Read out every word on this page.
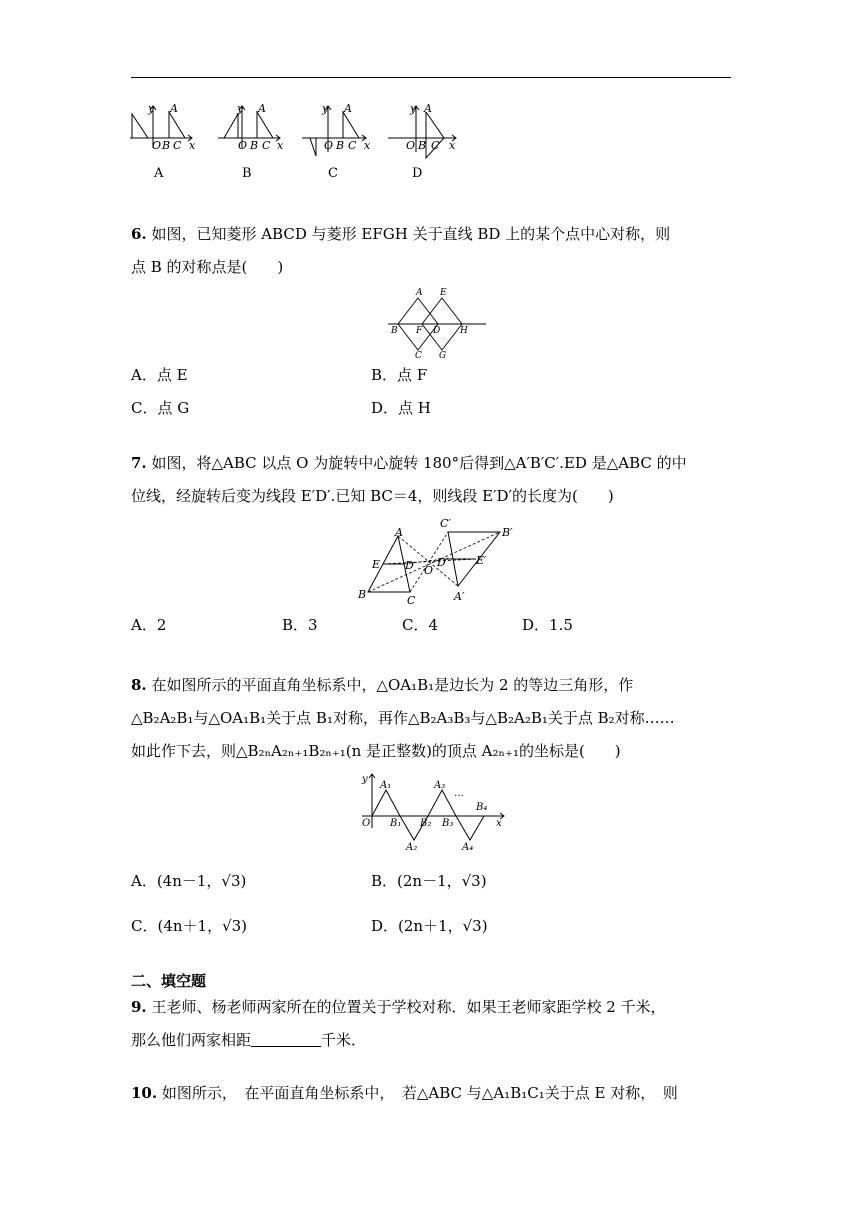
y A
O B C x
y A
O B C x
y A
O B C x
y A
O B C x
A	B	C	D
6. 如图，已知菱形 ABCD 与菱形 EFGH 关于直线 BD 上的某个点中心对称，则
点 B 的对称点是(　　)
A E
B F D H
C G
A．点 E	B．点 F
C．点 G	D．点 H
7. 如图，将△ABC 以点 O 为旋转中心旋转 180°后得到△A′B′C′.ED 是△ABC 的中
位线，经旋转后变为线段 E′D′.已知 BC＝4，则线段 E′D′的长度为(　　)
C′
B′
A
E′
E D D′
O
A′
B	C
A．2	B．3	C．4	D．1.5
8. 在如图所示的平面直角坐标系中，△OA₁B₁是边长为 2 的等边三角形，作
△B₂A₂B₁与△OA₁B₁关于点 B₁对称，再作△B₂A₃B₃与△B₂A₂B₁关于点 B₂对称……
如此作下去，则△B₂ₙA₂ₙ₊₁B₂ₙ₊₁(n 是正整数)的顶点 A₂ₙ₊₁的坐标是(　　)
y
A₁	A₃
…
B₄
O B₁ B₂ B₃	x
A₂	A₄
A．(4n－1，√3)	B．(2n－1，√3)
C．(4n＋1，√3)	D．(2n＋1，√3)
二、填空题
9. 王老师、杨老师两家所在的位置关于学校对称．如果王老师家距学校 2 千米，
那么他们两家相距	千米．
10. 如图所示，　在平面直角坐标系中，　若△ABC 与△A₁B₁C₁关于点 E 对称，　则
